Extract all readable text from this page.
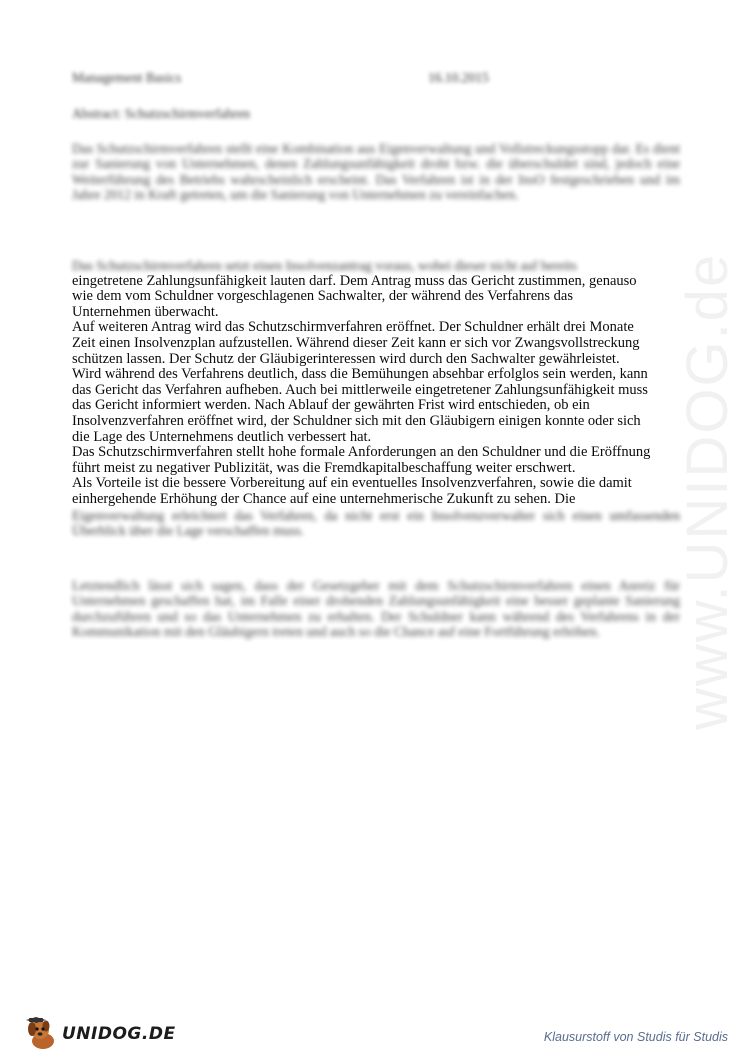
www.UNIDOG.de
Management Basics	16.10.2015
Abstract: Schutzschirmverfahren
Das Schutzschirmverfahren stellt eine Kombination aus Eigenverwaltung und Vollstreckungsstopp dar. Es dient zur Sanierung von Unternehmen, denen Zahlungsunfähigkeit droht bzw. die überschuldet sind, jedoch eine Weiterführung des Betriebs wahrscheinlich erscheint. Das Verfahren ist in der InsO festgeschrieben und im Jahre 2012 in Kraft getreten, um die Sanierung von Unternehmen zu vereinfachen.
Das Schutzschirmverfahren setzt einen Insolvenzantrag voraus, wobei dieser nicht auf bereits
eingetretene Zahlungsunfähigkeit lauten darf. Dem Antrag muss das Gericht zustimmen, genauso
wie dem vom Schuldner vorgeschlagenen Sachwalter, der während des Verfahrens das
Unternehmen überwacht.
Auf weiteren Antrag wird das Schutzschirmverfahren eröffnet. Der Schuldner erhält drei Monate
Zeit einen Insolvenzplan aufzustellen. Während dieser Zeit kann er sich vor Zwangsvollstreckung
schützen lassen. Der Schutz der Gläubigerinteressen wird durch den Sachwalter gewährleistet.
Wird während des Verfahrens deutlich, dass die Bemühungen absehbar erfolglos sein werden, kann
das Gericht das Verfahren aufheben. Auch bei mittlerweile eingetretener Zahlungsunfähigkeit muss
das Gericht informiert werden. Nach Ablauf der gewährten Frist wird entschieden, ob ein
Insolvenzverfahren eröffnet wird, der Schuldner sich mit den Gläubigern einigen konnte oder sich
die Lage des Unternehmens deutlich verbessert hat.
Das Schutzschirmverfahren stellt hohe formale Anforderungen an den Schuldner und die Eröffnung
führt meist zu negativer Publizität, was die Fremdkapitalbeschaffung weiter erschwert.
Als Vorteile ist die bessere Vorbereitung auf ein eventuelles Insolvenzverfahren, sowie die damit
einhergehende Erhöhung der Chance auf eine unternehmerische Zukunft zu sehen. Die
Eigenverwaltung erleichtert das Verfahren, da nicht erst ein Insolvenzverwalter sich einen umfassenden Überblick über die Lage verschaffen muss.
Letztendlich lässt sich sagen, dass der Gesetzgeber mit dem Schutzschirmverfahren einen Anreiz für Unternehmen geschaffen hat, im Falle einer drohenden Zahlungsunfähigkeit eine besser geplante Sanierung durchzuführen und so das Unternehmen zu erhalten. Der Schuldner kann während des Verfahrens in der Kommunikation mit den Gläubigern treten und auch so die Chance auf eine Fortführung erhöhen.
UNIDOG.DE	Klausurstoff von Studis für Studis
